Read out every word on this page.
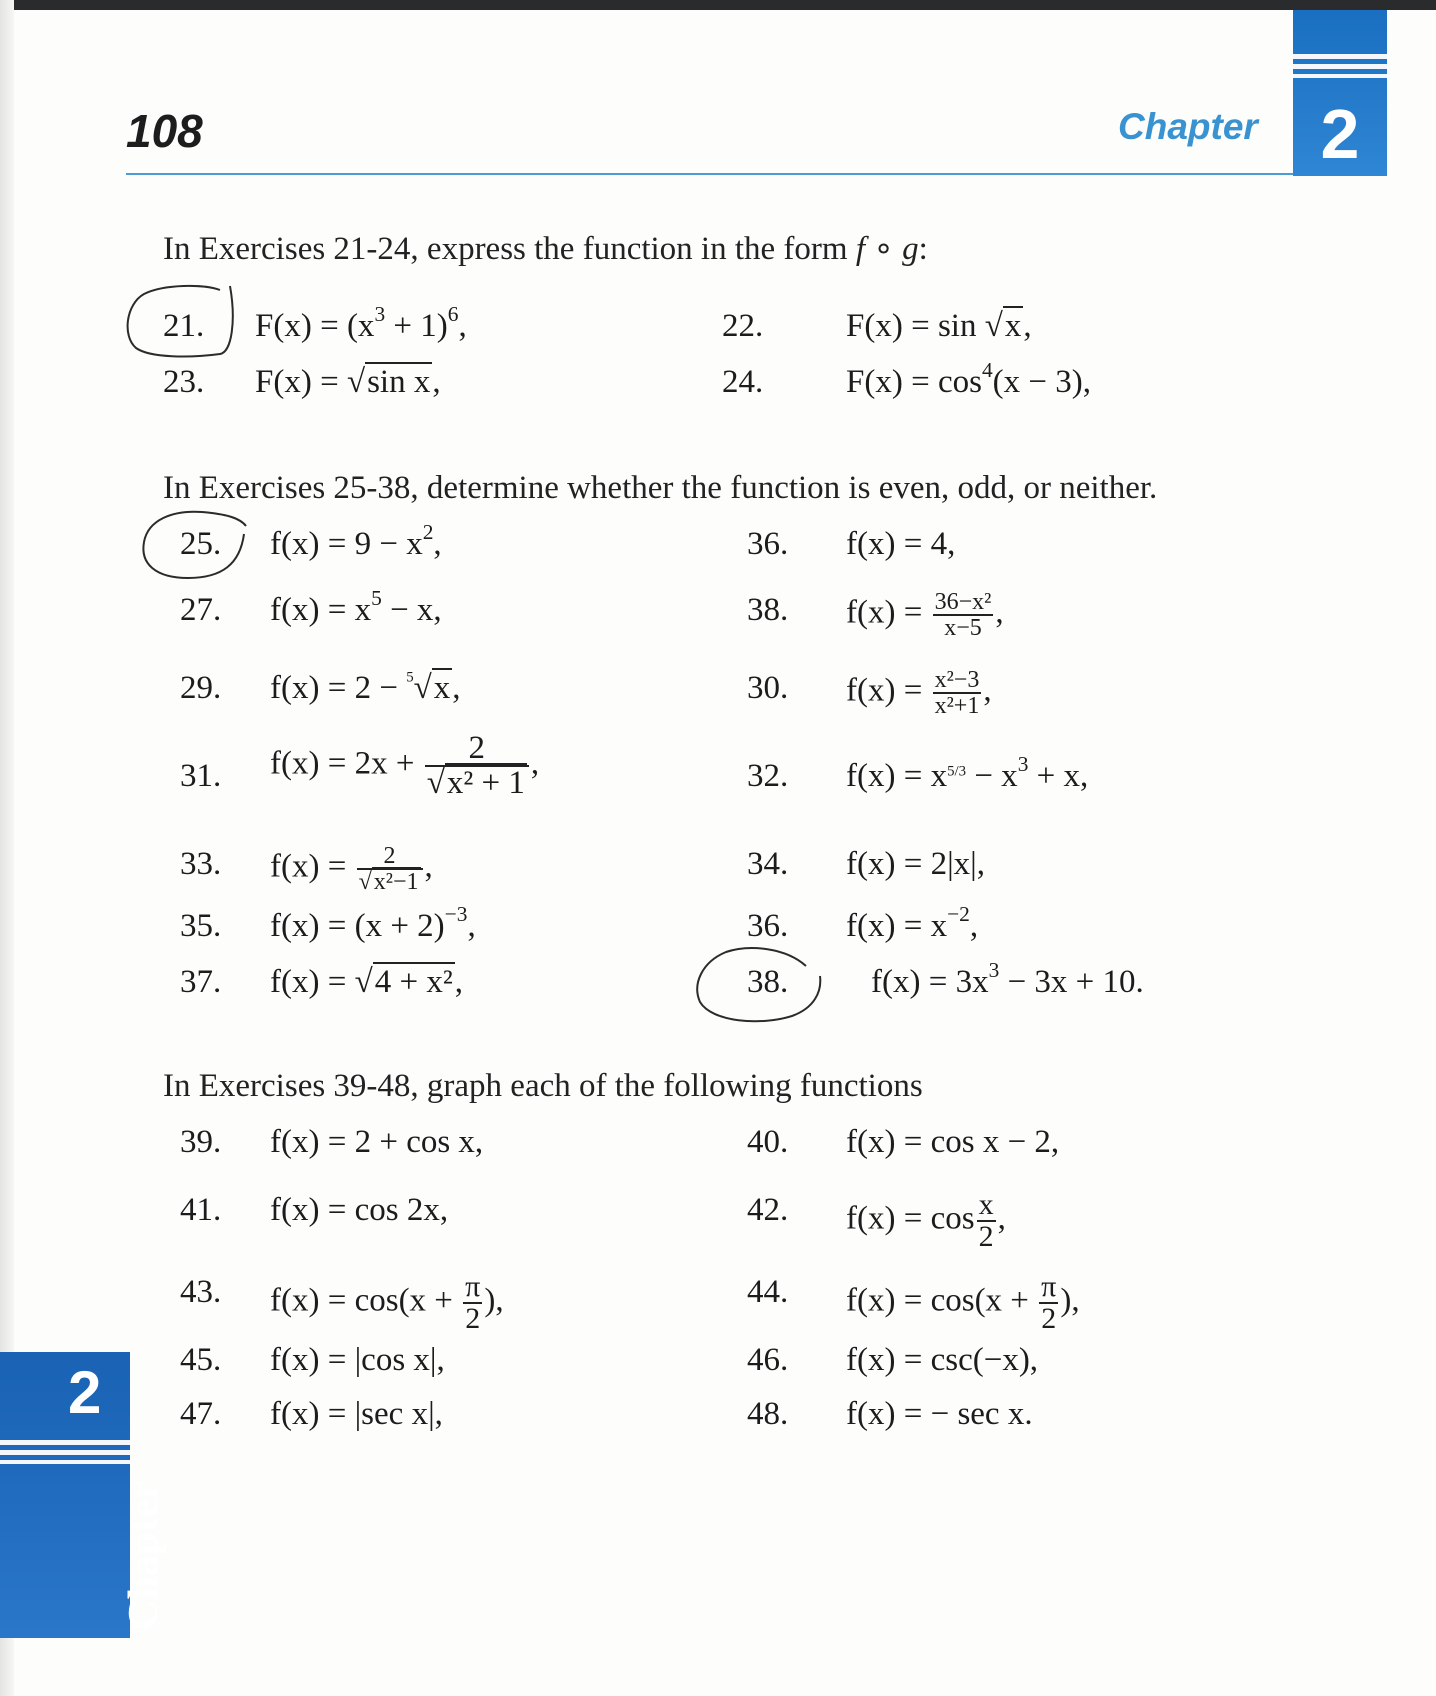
108	Chapter 2
2
Chapter
In Exercises 21-24, express the function in the form f ∘ g:
21. $F(x) = (x^3 + 1)^6$,	22.	F(x) = sin √x,
23. F(x) = √sin x,	24.	$F(x) = \cos^4(x - 3)$,
In Exercises 25-38, determine whether the function is even, odd, or neither.
25. $f(x) = 9 - x^2$,	36. f(x) = 4,
27. $f(x) = x^5 - x$,	38. $f(x) = \frac{\text{36−x²}}{x-5}$ ,
29. f(x) = 2 − $^5$√x,	30. $f(x) = \frac{\text{x²−3}}{\text{x²+1}}$ ,
31. $f(x) = 2x + \frac{2}{\text{√x² + 1}}$ ,	32. $f(x) = x^{5/3} - x^3 + x$,
33. $f(x) = \frac{2}{\text{√x²−1}}$ ,	34. f(x) = 2|x|,
35. $f(x) = (x + 2)^{-3}$,	36. $f(x) = x^{-2}$,
37. f(x) = √4 + x²,	38.	$f(x) = 3x^3 - 3x + 10$.
In Exercises 39-48, graph each of the following functions
39. f(x) = 2 + cos x,	40. f(x) = cos x − 2,
41. f(x) = cos 2x,	42. $f(x) = \cos \frac{x}{2}$ ,
43. $f(x) = \cos(x + \frac{\pi}{2}$ ),	44. $f(x) = \cos(x + \frac{\pi}{2}$ ),
45. f(x) = |cos x|,	46. f(x) = csc(−x),
47. f(x) = |sec x|,	48. f(x) = − sec x.
